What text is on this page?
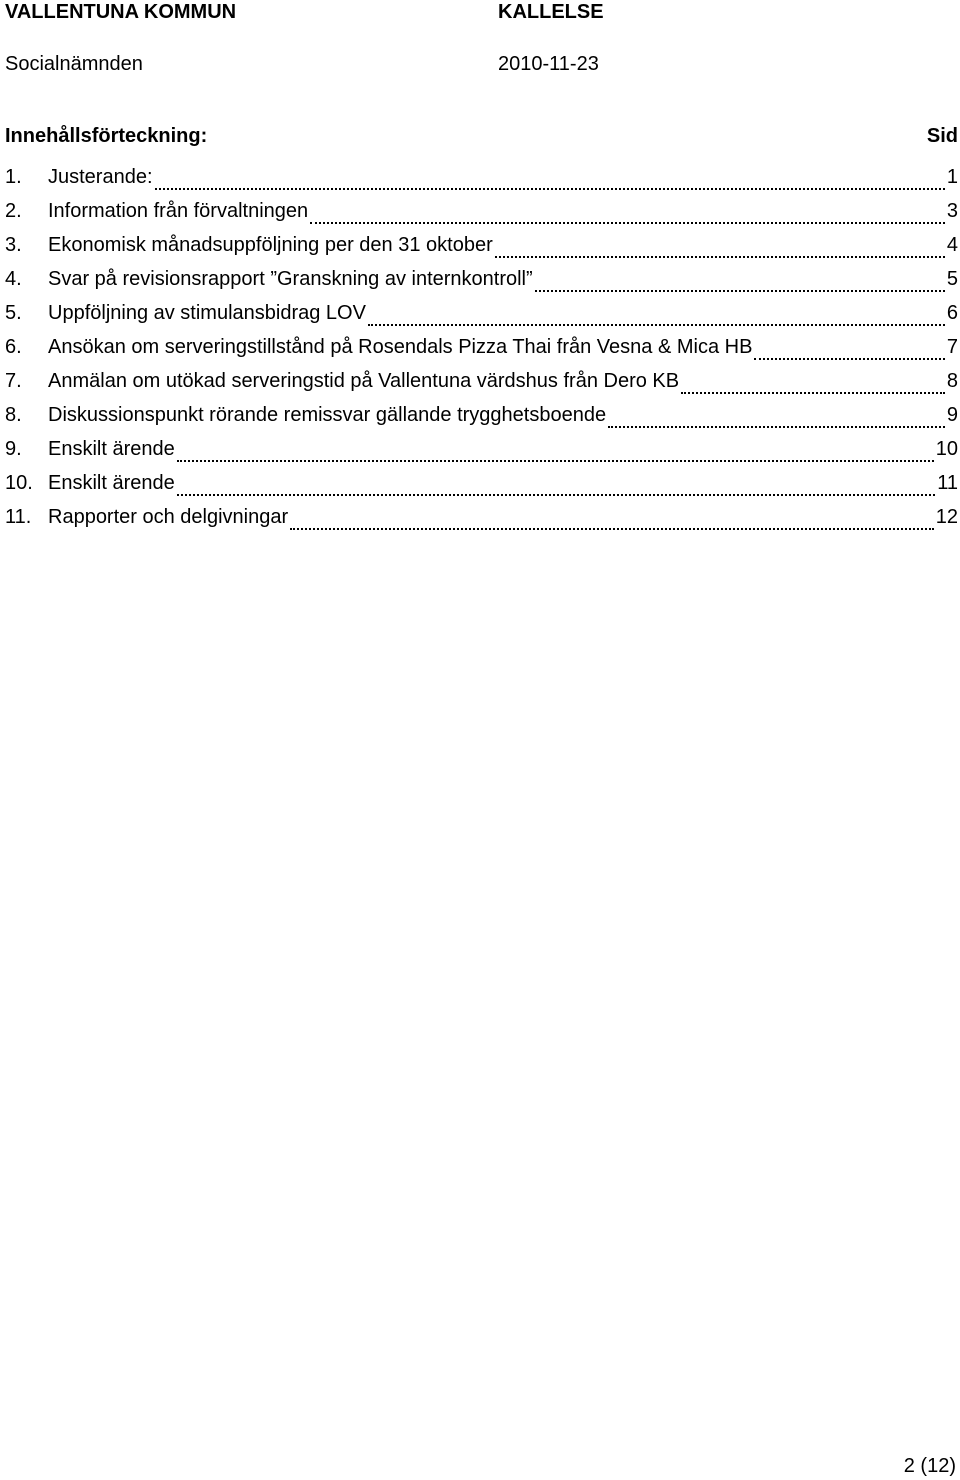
VALLENTUNA KOMMUN	KALLELSE
Socialnämnden	2010-11-23
Innehållsförteckning:	Sid
1.	Justerande:	1
2.	Information från förvaltningen	3
3.	Ekonomisk månadsuppföljning per den 31 oktober	4
4.	Svar på revisionsrapport ”Granskning av internkontroll”	5
5.	Uppföljning av stimulansbidrag LOV	6
6.	Ansökan om serveringstillstånd på Rosendals Pizza Thai från Vesna & Mica HB	7
7.	Anmälan om utökad serveringstid på Vallentuna värdshus från Dero KB	8
8.	Diskussionspunkt rörande remissvar gällande trygghetsboende	9
9.	Enskilt ärende	10
10. Enskilt ärende	11
11. Rapporter och delgivningar	12
2 (12)
